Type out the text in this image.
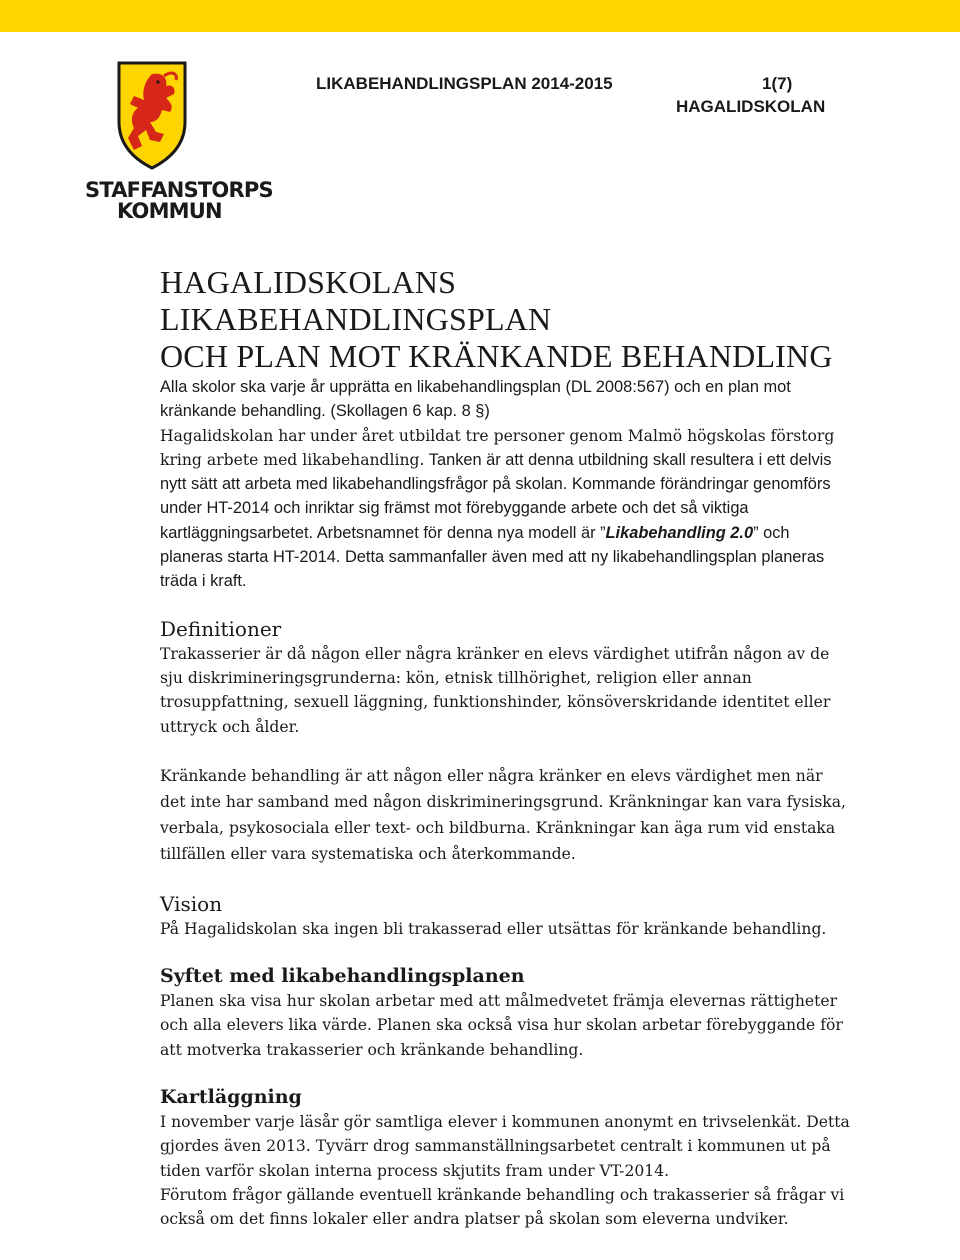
STAFFANSTORPS
KOMMUN
LIKABEHANDLINGSPLAN 2014-2015	1(7)
HAGALIDSKOLAN
HAGALIDSKOLANS LIKABEHANDLINGSPLAN
OCH PLAN MOT KRÄNKANDE BEHANDLING

Alla skolor ska varje år upprätta en likabehandlingsplan (DL 2008:567) och en plan mot kränkande behandling. (Skollagen 6 kap. 8 §)
Hagalidskolan har under året utbildat tre personer genom Malmö högskolas förstorg kring arbete med likabehandling. Tanken är att denna utbildning skall resultera i ett delvis nytt sätt att arbeta med likabehandlingsfrågor på skolan. Kommande förändringar genomförs under HT-2014 och inriktar sig främst mot förebyggande arbete och det så viktiga kartläggningsarbetet. Arbetsnamnet för denna nya modell är ”Likabehandling 2.0” och planeras starta HT-2014. Detta sammanfaller även med att ny likabehandlingsplan planeras träda i kraft.

Definitioner

Trakasserier är då någon eller några kränker en elevs värdighet utifrån någon av de sju diskrimineringsgrunderna: kön, etnisk tillhörighet, religion eller annan trosuppfattning, sexuell läggning, funktionshinder, könsöverskridande identitet eller uttryck och ålder.

Kränkande behandling är att någon eller några kränker en elevs värdighet men när det inte har samband med någon diskrimineringsgrund. Kränkningar kan vara fysiska, verbala, psykosociala eller text- och bildburna. Kränkningar kan äga rum vid enstaka tillfällen eller vara systematiska och återkommande.

Vision

På Hagalidskolan ska ingen bli trakasserad eller utsättas för kränkande behandling.

Syftet med likabehandlingsplanen

Planen ska visa hur skolan arbetar med att målmedvetet främja elevernas rättigheter och alla elevers lika värde. Planen ska också visa hur skolan arbetar förebyggande för att motverka trakasserier och kränkande behandling.

Kartläggning

I november varje läsår gör samtliga elever i kommunen anonymt en trivselenkät. Detta gjordes även 2013. Tyvärr drog sammanställningsarbetet centralt i kommunen ut på tiden varför skolan interna process skjutits fram under VT-2014.

Förutom frågor gällande eventuell kränkande behandling och trakasserier så frågar vi också om det finns lokaler eller andra platser på skolan som eleverna undviker.
